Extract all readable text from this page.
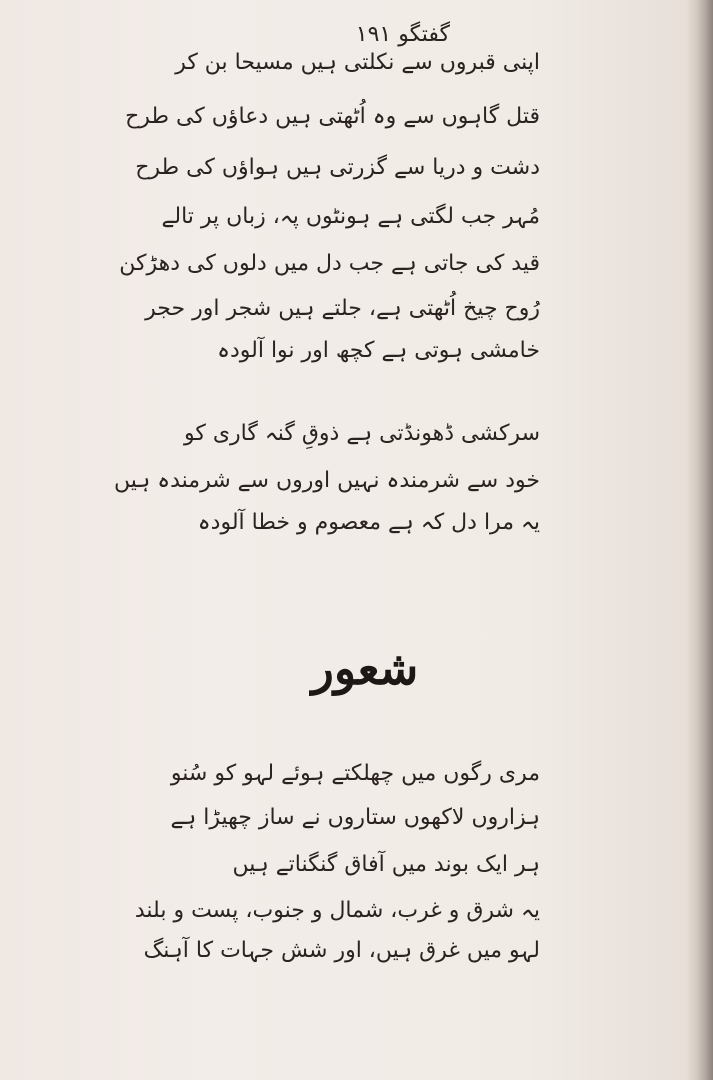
گفتگو ۱۹۱
اپنی قبروں سے نکلتی ہیں مسیحا بن کر
قتل گاہوں سے وہ اُٹھتی ہیں دعاؤں کی طرح
دشت و دریا سے گزرتی ہیں ہواؤں کی طرح
مُہر جب لگتی ہے ہونٹوں پہ، زباں پر تالے
قید کی جاتی ہے جب دل میں دلوں کی دھڑکن
رُوح چیخ اُٹھتی ہے، جلتے ہیں شجر اور حجر
خامشی ہوتی ہے کچھ اور نوا آلودہ
سرکشی ڈھونڈتی ہے ذوقِ گنہ گاری کو
خود سے شرمندہ نہیں اوروں سے شرمندہ ہیں
یہ مرا دل کہ ہے معصوم و خطا آلودہ
شعور
مری رگوں میں چھلکتے ہوئے لہو کو سُنو
ہزاروں لاکھوں ستاروں نے ساز چھیڑا ہے
ہر ایک بوند میں آفاق گنگناتے ہیں
یہ شرق و غرب، شمال و جنوب، پست و بلند
لہو میں غرق ہیں، اور شش جہات کا آہنگ
